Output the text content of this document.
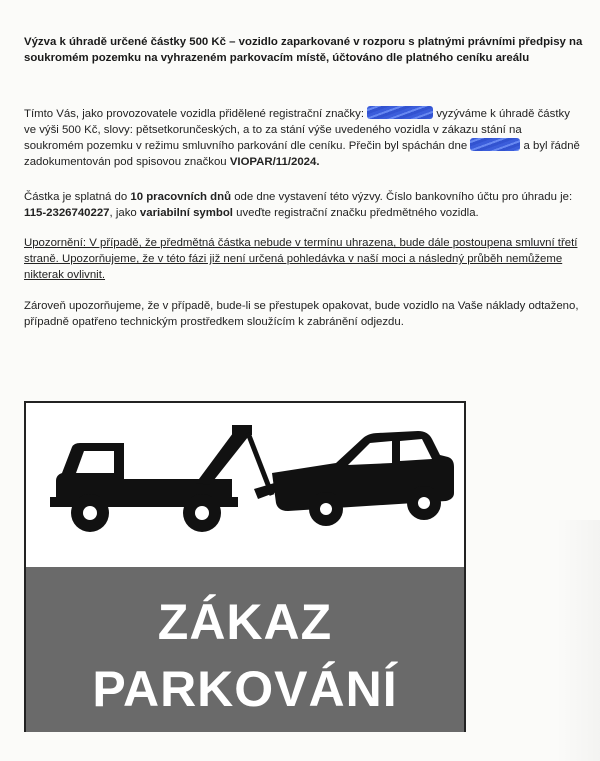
Výzva k úhradě určené částky 500 Kč – vozidlo zaparkované v rozporu s platnými právními předpisy na soukromém pozemku na vyhrazeném parkovacím místě, účtováno dle platného ceníku areálu
Tímto Vás, jako provozovatele vozidla přidělené registrační značky:	vyzýváme k úhradě částky ve výši 500 Kč, slovy: pětsetkorunčeských, a to za stání výše uvedeného vozidla v zákazu stání na soukromém pozemku v režimu smluvního parkování dle ceníku. Přečin byl spáchán dne	a byl řádně zadokumentován pod spisovou značkou VIOPAR/11/2024.
Částka je splatná do 10 pracovních dnů ode dne vystavení této výzvy. Číslo bankovního účtu pro úhradu je: 115-2326740227, jako variabilní symbol uveďte registrační značku předmětného vozidla.
Upozornění: V případě, že předmětná částka nebude v termínu uhrazena, bude dále postoupena smluvní třetí straně. Upozorňujeme, že v této fázi již není určená pohledávka v naší moci a následný průběh nemůžeme nikterak ovlivnit.
Zároveň upozorňujeme, že v případě, bude-li se přestupek opakovat, bude vozidlo na Vaše náklady odtaženo, případně opatřeno technickým prostředkem sloužícím k zabránění odjezdu.
ZÁKAZ
PARKOVÁNÍ
